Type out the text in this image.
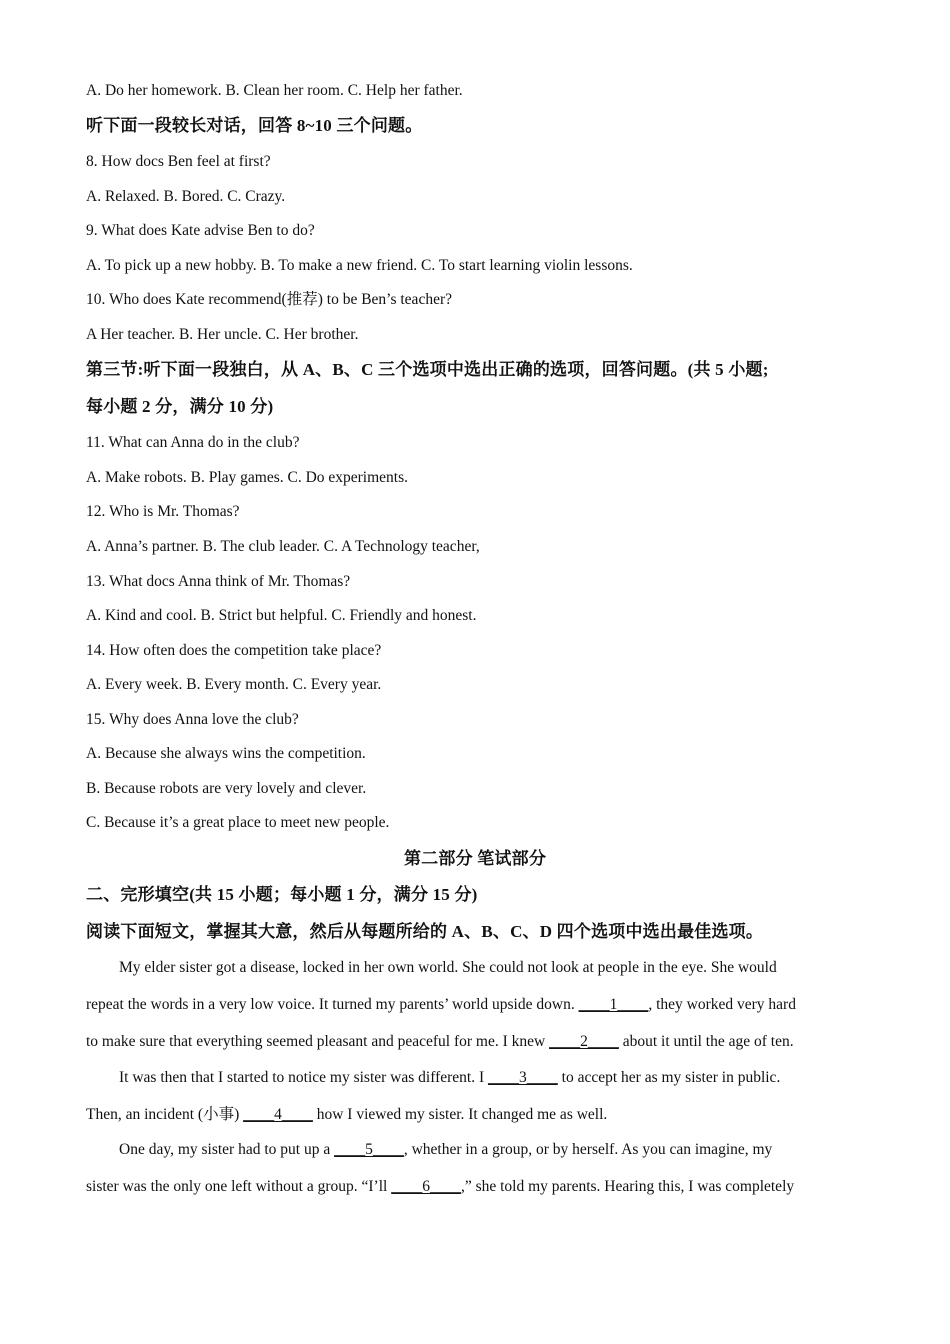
A. Do her homework. B. Clean her room. C. Help her father.
听下面一段较长对话，回答 8~10 三个问题。
8. How docs Ben feel at first?
A. Relaxed. B. Bored. C. Crazy.
9. What does Kate advise Ben to do?
A. To pick up a new hobby. B. To make a new friend. C. To start learning violin lessons.
10. Who does Kate recommend(推荐) to be Ben’s teacher?
A Her teacher. B. Her uncle. C. Her brother.
第三节:听下面一段独白，从 A、B、C 三个选项中选出正确的选项，回答问题。(共 5 小题;
每小题 2 分，满分 10 分)
11. What can Anna do in the club?
A. Make robots. B. Play games. C. Do experiments.
12. Who is Mr. Thomas?
A. Anna’s partner. B. The club leader. C. A Technology teacher,
13. What docs Anna think of Mr. Thomas?
A. Kind and cool. B. Strict but helpful. C. Friendly and honest.
14. How often does the competition take place?
A. Every week. B. Every month. C. Every year.
15. Why does Anna love the club?
A. Because she always wins the competition.
B. Because robots are very lovely and clever.
C. Because it’s a great place to meet new people.
第二部分 笔试部分
二、完形填空(共 15 小题；每小题 1 分，满分 15 分)
阅读下面短文，掌握其大意，然后从每题所给的 A、B、C、D 四个选项中选出最佳选项。
My elder sister got a disease, locked in her own world. She could not look at people in the eye. She would
repeat the words in a very low voice. It turned my parents’ world upside down. ____1____, they worked very hard
to make sure that everything seemed pleasant and peaceful for me. I knew ____2____ about it until the age of ten.
It was then that I started to notice my sister was different. I ____3____ to accept her as my sister in public.
Then, an incident (小事) ____4____ how I viewed my sister. It changed me as well.
One day, my sister had to put up a ____5____, whether in a group, or by herself. As you can imagine, my
sister was the only one left without a group. “I’ll ____6____,” she told my parents. Hearing this, I was completely
